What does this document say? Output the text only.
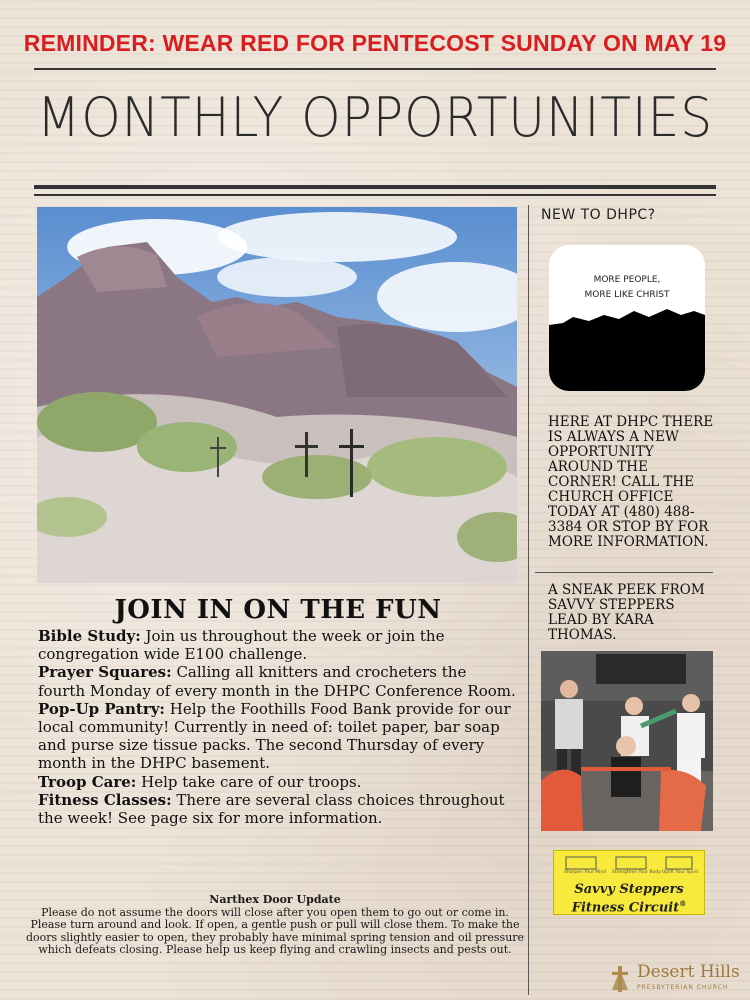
REMINDER: WEAR RED FOR PENTECOST SUNDAY ON MAY 19
MONTHLY OPPORTUNITIES
NEW TO DHPC?
MORE PEOPLE,
MORE LIKE CHRIST
HERE AT DHPC THERE IS ALWAYS A NEW OPPORTUNITY AROUND THE CORNER! CALL THE CHURCH OFFICE TODAY AT (480) 488-3384 OR STOP BY FOR MORE INFORMATION.
A SNEAK PEEK FROM SAVVY STEPPERS LEAD BY KARA THOMAS.
Sharpen Your Mind Strengthen Your Body Uplift Your Spirit
Savvy Steppers
Fitness Circuit®
JOIN IN ON THE FUN

Bible Study: Join us throughout the week or join the congregation wide E100 challenge.

Prayer Squares: Calling all knitters and crocheters the fourth Monday of every month in the DHPC Conference Room.

Pop-Up Pantry: Help the Foothills Food Bank provide for our local community! Currently in need of: toilet paper, bar soap and purse size tissue packs. The second Thursday of every month in the DHPC basement.

Troop Care: Help take care of our troops.

Fitness Classes: There are several class choices throughout the week! See page six for more information.

Narthex Door Update
Please do not assume the doors will close after you open them to go out or come in. Please turn around and look. If open, a gentle push or pull will close them. To make the doors slightly easier to open, they probably have minimal spring tension and oil pressure which defeats closing. Please help us keep flying and crawling insects and pests out.
Desert Hills
PRESBYTERIAN CHURCH
